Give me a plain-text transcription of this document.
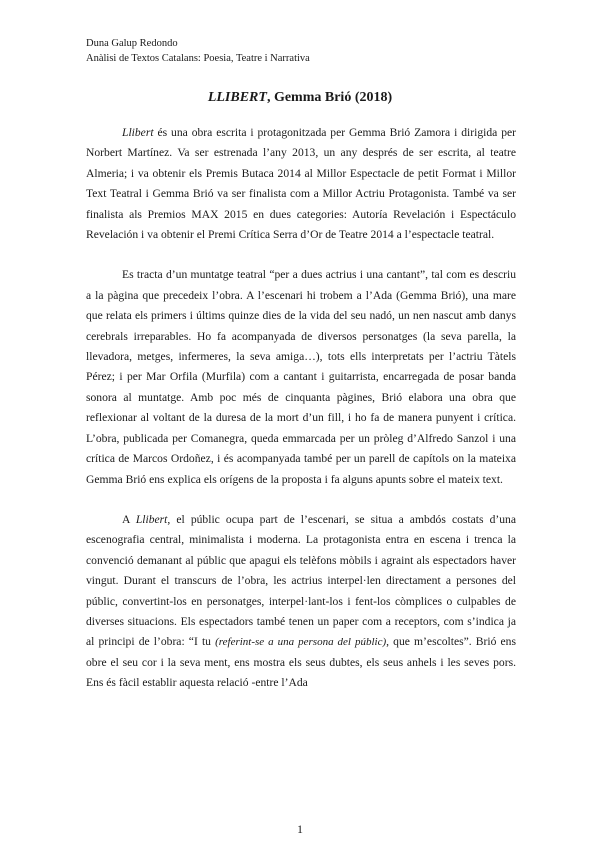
Duna Galup Redondo
Anàlisi de Textos Catalans: Poesia, Teatre i Narrativa
LLIBERT, Gemma Brió (2018)

Llibert és una obra escrita i protagonitzada per Gemma Brió Zamora i dirigida per Norbert Martínez. Va ser estrenada l’any 2013, un any després de ser escrita, al teatre Almeria; i va obtenir els Premis Butaca 2014 al Millor Espectacle de petit Format i Millor Text Teatral i Gemma Brió va ser finalista com a Millor Actriu Protagonista. També va ser finalista als Premios MAX 2015 en dues categories: Autoría Revelación i Espectáculo Revelación i va obtenir el Premi Crítica Serra d’Or de Teatre 2014 a l’espectacle teatral.

Es tracta d’un muntatge teatral “per a dues actrius i una cantant”, tal com es descriu a la pàgina que precedeix l’obra. A l’escenari hi trobem a l’Ada (Gemma Brió), una mare que relata els primers i últims quinze dies de la vida del seu nadó, un nen nascut amb danys cerebrals irreparables. Ho fa acompanyada de diversos personatges (la seva parella, la llevadora, metges, infermeres, la seva amiga…), tots ells interpretats per l’actriu Tàtels Pérez; i per Mar Orfila (Murfila) com a cantant i guitarrista, encarregada de posar banda sonora al muntatge. Amb poc més de cinquanta pàgines, Brió elabora una obra que reflexionar al voltant de la duresa de la mort d’un fill, i ho fa de manera punyent i crítica. L’obra, publicada per Comanegra, queda emmarcada per un pròleg d’Alfredo Sanzol i una crítica de Marcos Ordoñez, i és acompanyada també per un parell de capítols on la mateixa Gemma Brió ens explica els orígens de la proposta i fa alguns apunts sobre el mateix text.

A Llibert, el públic ocupa part de l’escenari, se situa a ambdós costats d’una escenografia central, minimalista i moderna. La protagonista entra en escena i trenca la convenció demanant al públic que apagui els telèfons mòbils i agraint als espectadors haver vingut. Durant el transcurs de l’obra, les actrius interpel·len directament a persones del públic, convertint-los en personatges, interpel·lant-los i fent-los còmplices o culpables de diverses situacions. Els espectadors també tenen un paper com a receptors, com s’indica ja al principi de l’obra: “I tu (referint-se a una persona del públic), que m’escoltes”. Brió ens obre el seu cor i la seva ment, ens mostra els seus dubtes, els seus anhels i les seves pors. Ens és fàcil establir aquesta relació -entre l’Ada

1
